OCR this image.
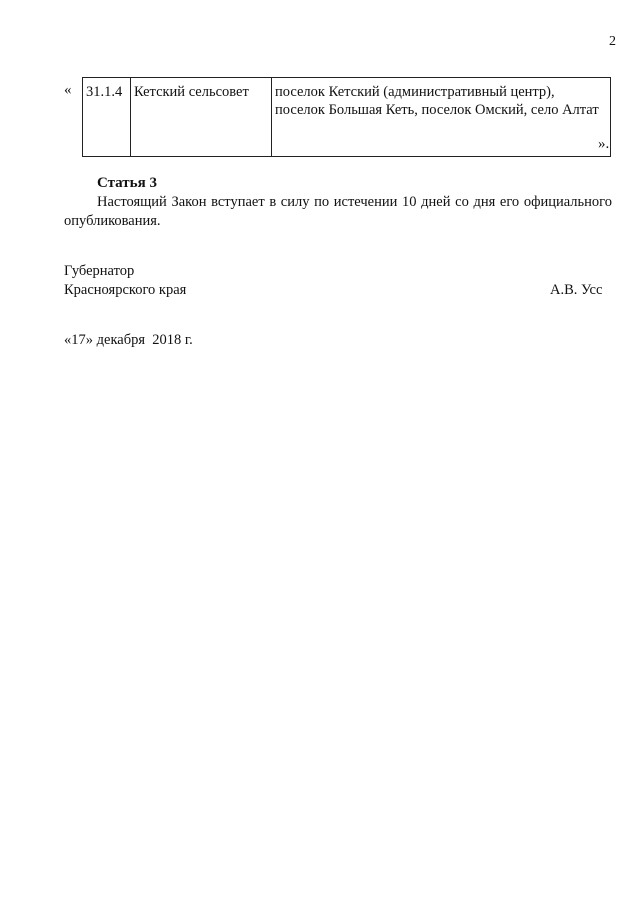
2
« 31.1.4	Кетский сельсовет	поселок Кетский (административный центр), поселок Большая Кеть, поселок Омский, село Алтат
».
Статья 3
Настоящий Закон вступает в силу по истечении 10 дней со дня его официального опубликования.
Губернатор
Красноярского края	А.В. Усс
«17» декабря  2018 г.
